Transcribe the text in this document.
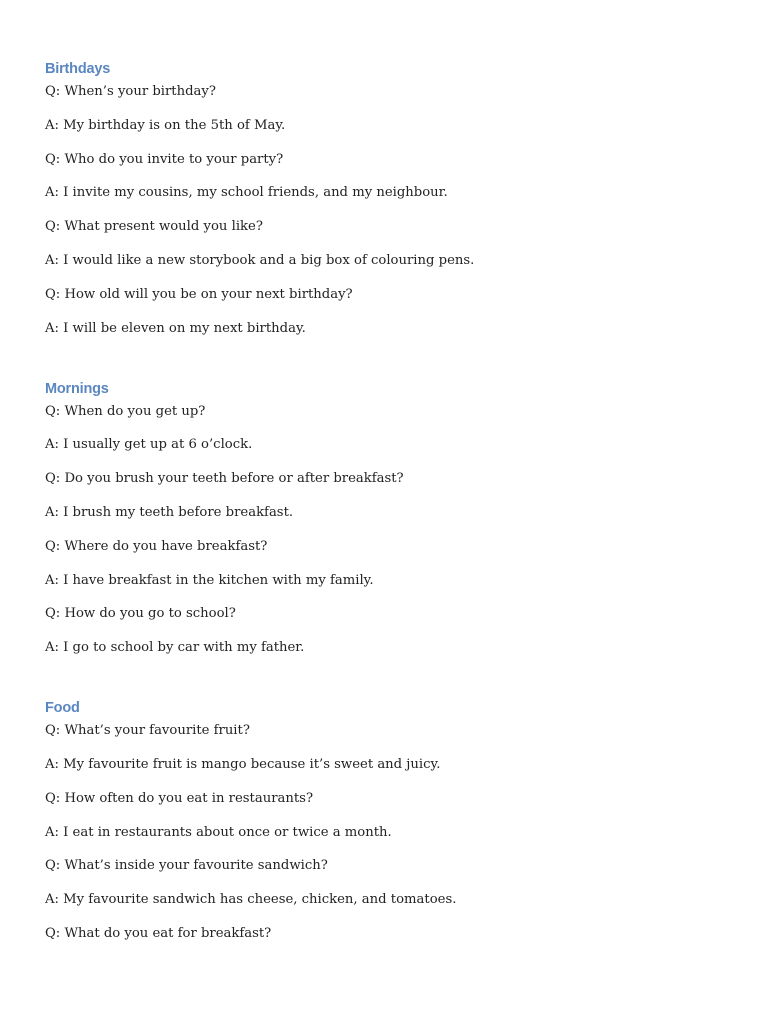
Birthdays

Q: When’s your birthday?

A: My birthday is on the 5th of May.

Q: Who do you invite to your party?

A: I invite my cousins, my school friends, and my neighbour.

Q: What present would you like?

A: I would like a new storybook and a big box of colouring pens.

Q: How old will you be on your next birthday?

A: I will be eleven on my next birthday.

Mornings

Q: When do you get up?

A: I usually get up at 6 o’clock.

Q: Do you brush your teeth before or after breakfast?

A: I brush my teeth before breakfast.

Q: Where do you have breakfast?

A: I have breakfast in the kitchen with my family.

Q: How do you go to school?

A: I go to school by car with my father.

Food

Q: What’s your favourite fruit?

A: My favourite fruit is mango because it’s sweet and juicy.

Q: How often do you eat in restaurants?

A: I eat in restaurants about once or twice a month.

Q: What’s inside your favourite sandwich?

A: My favourite sandwich has cheese, chicken, and tomatoes.

Q: What do you eat for breakfast?
